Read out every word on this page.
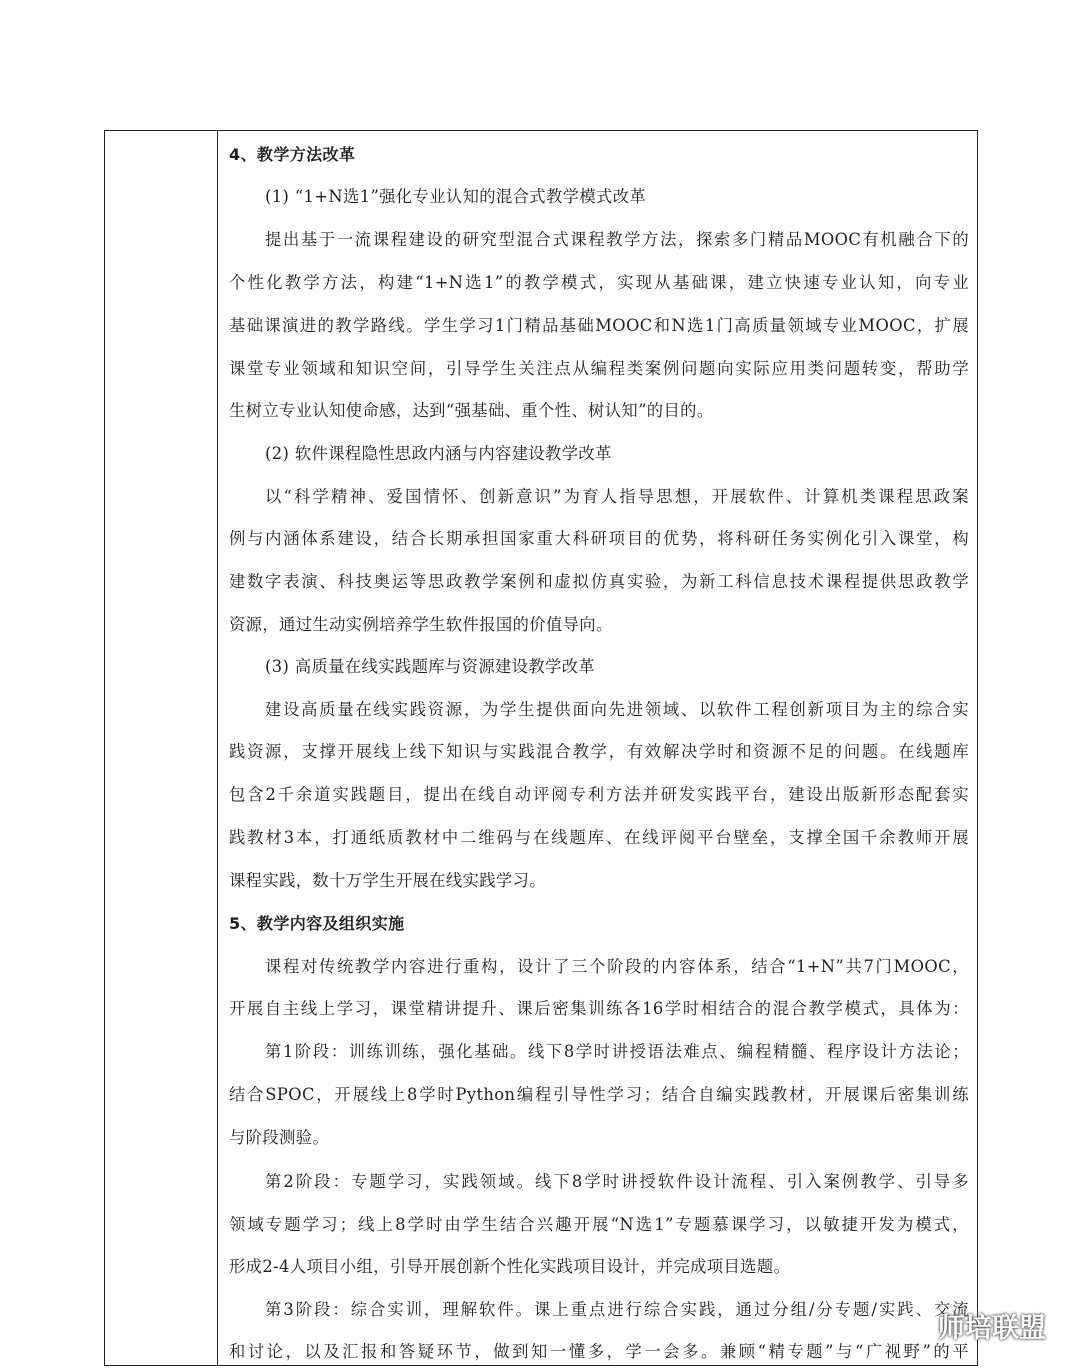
4、教学方法改革
(1) “1+N选1”强化专业认知的混合式教学模式改革
提出基于一流课程建设的研究型混合式课程教学方法，探索多门精品MOOC有机融合下的
个性化教学方法，构建“1+N选1”的教学模式，实现从基础课，建立快速专业认知，向专业
基础课演进的教学路线。学生学习1门精品基础MOOC和N选1门高质量领域专业MOOC，扩展
课堂专业领域和知识空间，引导学生关注点从编程类案例问题向实际应用类问题转变，帮助学
生树立专业认知使命感，达到“强基础、重个性、树认知”的目的。
(2) 软件课程隐性思政内涵与内容建设教学改革
以“科学精神、爱国情怀、创新意识”为育人指导思想，开展软件、计算机类课程思政案
例与内涵体系建设，结合长期承担国家重大科研项目的优势，将科研任务实例化引入课堂，构
建数字表演、科技奥运等思政教学案例和虚拟仿真实验，为新工科信息技术课程提供思政教学
资源，通过生动实例培养学生软件报国的价值导向。
(3) 高质量在线实践题库与资源建设教学改革
建设高质量在线实践资源，为学生提供面向先进领域、以软件工程创新项目为主的综合实
践资源，支撑开展线上线下知识与实践混合教学，有效解决学时和资源不足的问题。在线题库
包含2千余道实践题目，提出在线自动评阅专利方法并研发实践平台，建设出版新形态配套实
践教材3本，打通纸质教材中二维码与在线题库、在线评阅平台壁垒，支撑全国千余教师开展
课程实践，数十万学生开展在线实践学习。
5、教学内容及组织实施
课程对传统教学内容进行重构，设计了三个阶段的内容体系，结合“1+N”共7门MOOC，
开展自主线上学习，课堂精讲提升、课后密集训练各16学时相结合的混合教学模式，具体为：
第1阶段：训练训练，强化基础。线下8学时讲授语法难点、编程精髓、程序设计方法论；
结合SPOC，开展线上8学时Python编程引导性学习；结合自编实践教材，开展课后密集训练
与阶段测验。
第2阶段：专题学习，实践领域。线下8学时讲授软件设计流程、引入案例教学、引导多
领域专题学习；线上8学时由学生结合兴趣开展“N选1”专题慕课学习，以敏捷开发为模式，
形成2-4人项目小组，引导开展创新个性化实践项目设计，并完成项目选题。
第3阶段：综合实训，理解软件。课上重点进行综合实践，通过分组/分专题/实践、交流
和讨论，以及汇报和答疑环节，做到知一懂多，学一会多。兼顾“精专题”与“广视野”的平
师培联盟
